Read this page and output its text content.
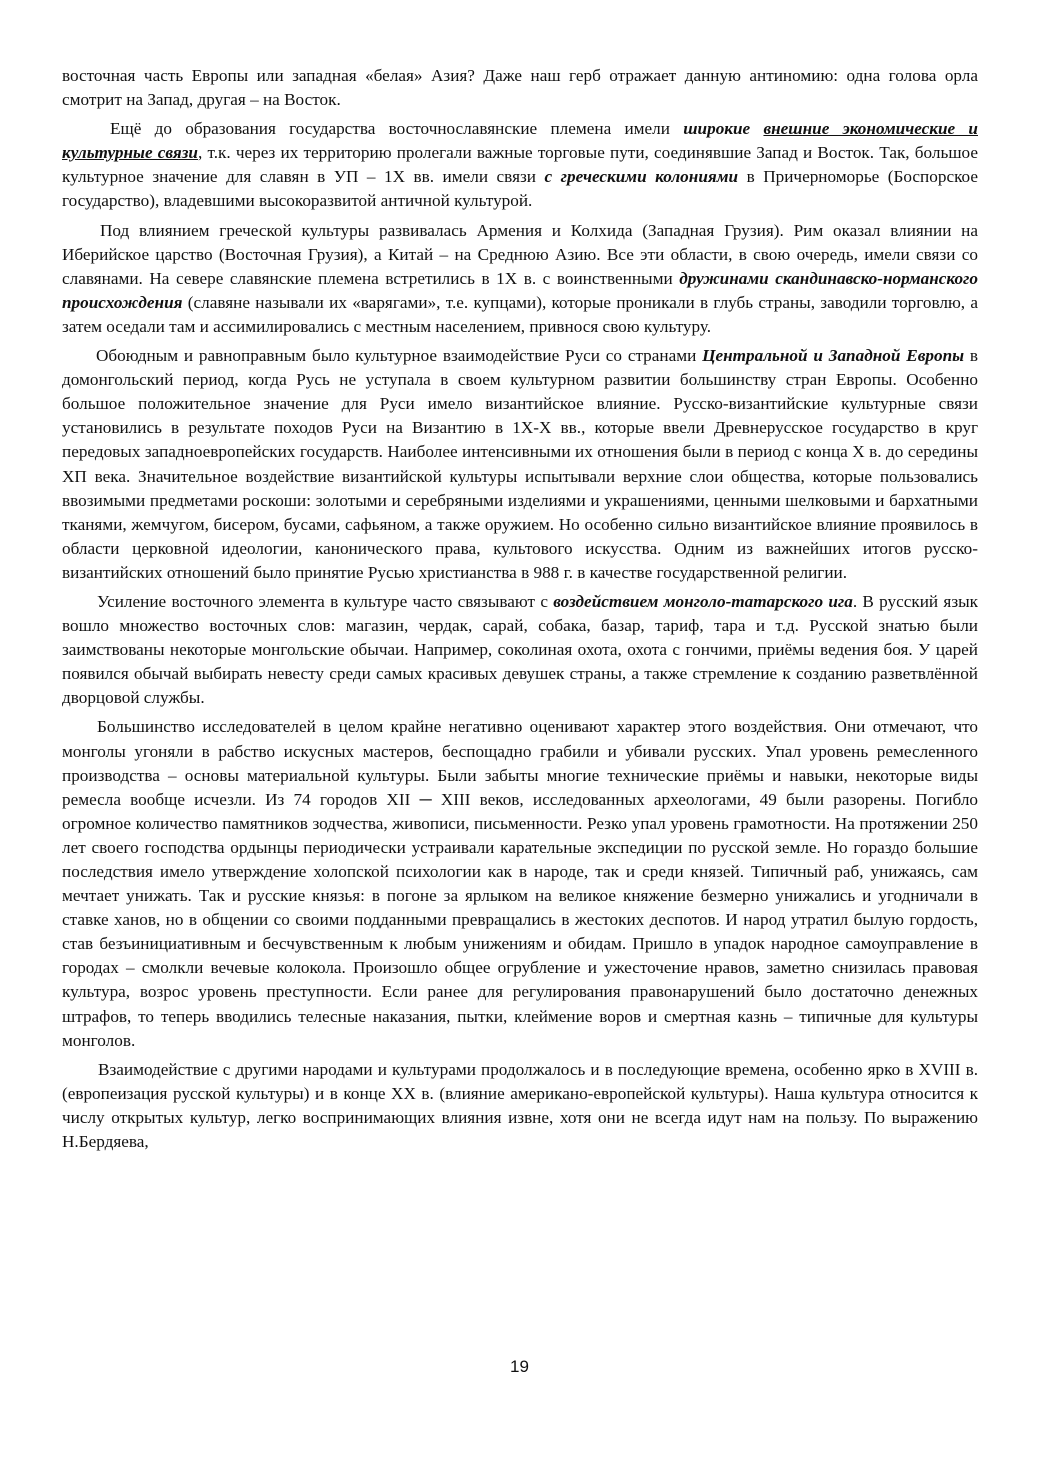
восточная часть Европы или западная «белая» Азия? Даже наш герб отражает данную антиномию: одна голова орла смотрит на Запад, другая – на Восток.

Ещё до образования государства восточнославянские племена имели широкие внешние экономические и культурные связи, т.к. через их территорию пролегали важные торговые пути, соединявшие Запад и Восток. Так, большое культурное значение для славян в УП – 1Х вв. имели связи с греческими колониями в Причерноморье (Боспорское государство), владевшими высокоразвитой античной культурой.

Под влиянием греческой культуры развивалась Армения и Колхида (Западная Грузия). Рим оказал влиянии на Иберийское царство (Восточная Грузия), а Китай – на Среднюю Азию. Все эти области, в свою очередь, имели связи со славянами. На севере славянские племена встретились в 1Х в. с воинственными дружинами скандинавско-норманского происхождения (славяне называли их «варягами», т.е. купцами), которые проникали в глубь страны, заводили торговлю, а затем оседали там и ассимилировались с местным населением, привнося свою культуру.

Обоюдным и равноправным было культурное взаимодействие Руси со странами Центральной и Западной Европы в домонгольский период, когда Русь не уступала в своем культурном развитии большинству стран Европы. Особенно большое положительное значение для Руси имело византийское влияние. Русско-византийские культурные связи установились в результате походов Руси на Византию в 1Х-Х вв., которые ввели Древнерусское государство в круг передовых западноевропейских государств. Наиболее интенсивными их отношения были в период с конца Х в. до середины ХП века. Значительное воздействие византийской культуры испытывали верхние слои общества, которые пользовались ввозимыми предметами роскоши: золотыми и серебряными изделиями и украшениями, ценными шелковыми и бархатными тканями, жемчугом, бисером, бусами, сафьяном, а также оружием. Но особенно сильно византийское влияние проявилось в области церковной идеологии, канонического права, культового искусства. Одним из важнейших итогов русско-византийских отношений было принятие Русью христианства в 988 г. в качестве государственной религии.

Усиление восточного элемента в культуре часто связывают с воздействием монголо-татарского ига. В русский язык вошло множество восточных слов: магазин, чердак, сарай, собака, базар, тариф, тара и т.д. Русской знатью были заимствованы некоторые монгольские обычаи. Например, соколиная охота, охота с гончими, приёмы ведения боя. У царей появился обычай выбирать невесту среди самых красивых девушек страны, а также стремление к созданию разветвлённой дворцовой службы.

Большинство исследователей в целом крайне негативно оценивают характер этого воздействия. Они отмечают, что монголы угоняли в рабство искусных мастеров, беспощадно грабили и убивали русских. Упал уровень ремесленного производства – основы материальной культуры. Были забыты многие технические приёмы и навыки, некоторые виды ремесла вообще исчезли. Из 74 городов XII ─ XIII веков, исследованных археологами, 49 были разорены. Погибло огромное количество памятников зодчества, живописи, письменности. Резко упал уровень грамотности. На протяжении 250 лет своего господства ордынцы периодически устраивали карательные экспедиции по русской земле. Но гораздо большие последствия имело утверждение холопской психологии как в народе, так и среди князей. Типичный раб, унижаясь, сам мечтает унижать. Так и русские князья: в погоне за ярлыком на великое княжение безмерно унижались и угодничали в ставке ханов, но в общении со своими подданными превращались в жестоких деспотов. И народ утратил былую гордость, став безъинициативным и бесчувственным к любым унижениям и обидам. Пришло в упадок народное самоуправление в городах – смолкли вечевые колокола. Произошло общее огрубление и ужесточение нравов, заметно снизилась правовая культура, возрос уровень преступности. Если ранее для регулирования правонарушений было достаточно денежных штрафов, то теперь вводились телесные наказания, пытки, клеймение воров и смертная казнь – типичные для культуры монголов.

Взаимодействие с другими народами и культурами продолжалось и в последующие времена, особенно ярко в XVIII в. (европеизация русской культуры) и в конце XX в. (влияние американо-европейской культуры). Наша культура относится к числу открытых культур, легко воспринимающих влияния извне, хотя они не всегда идут нам на пользу. По выражению Н.Бердяева,

19
